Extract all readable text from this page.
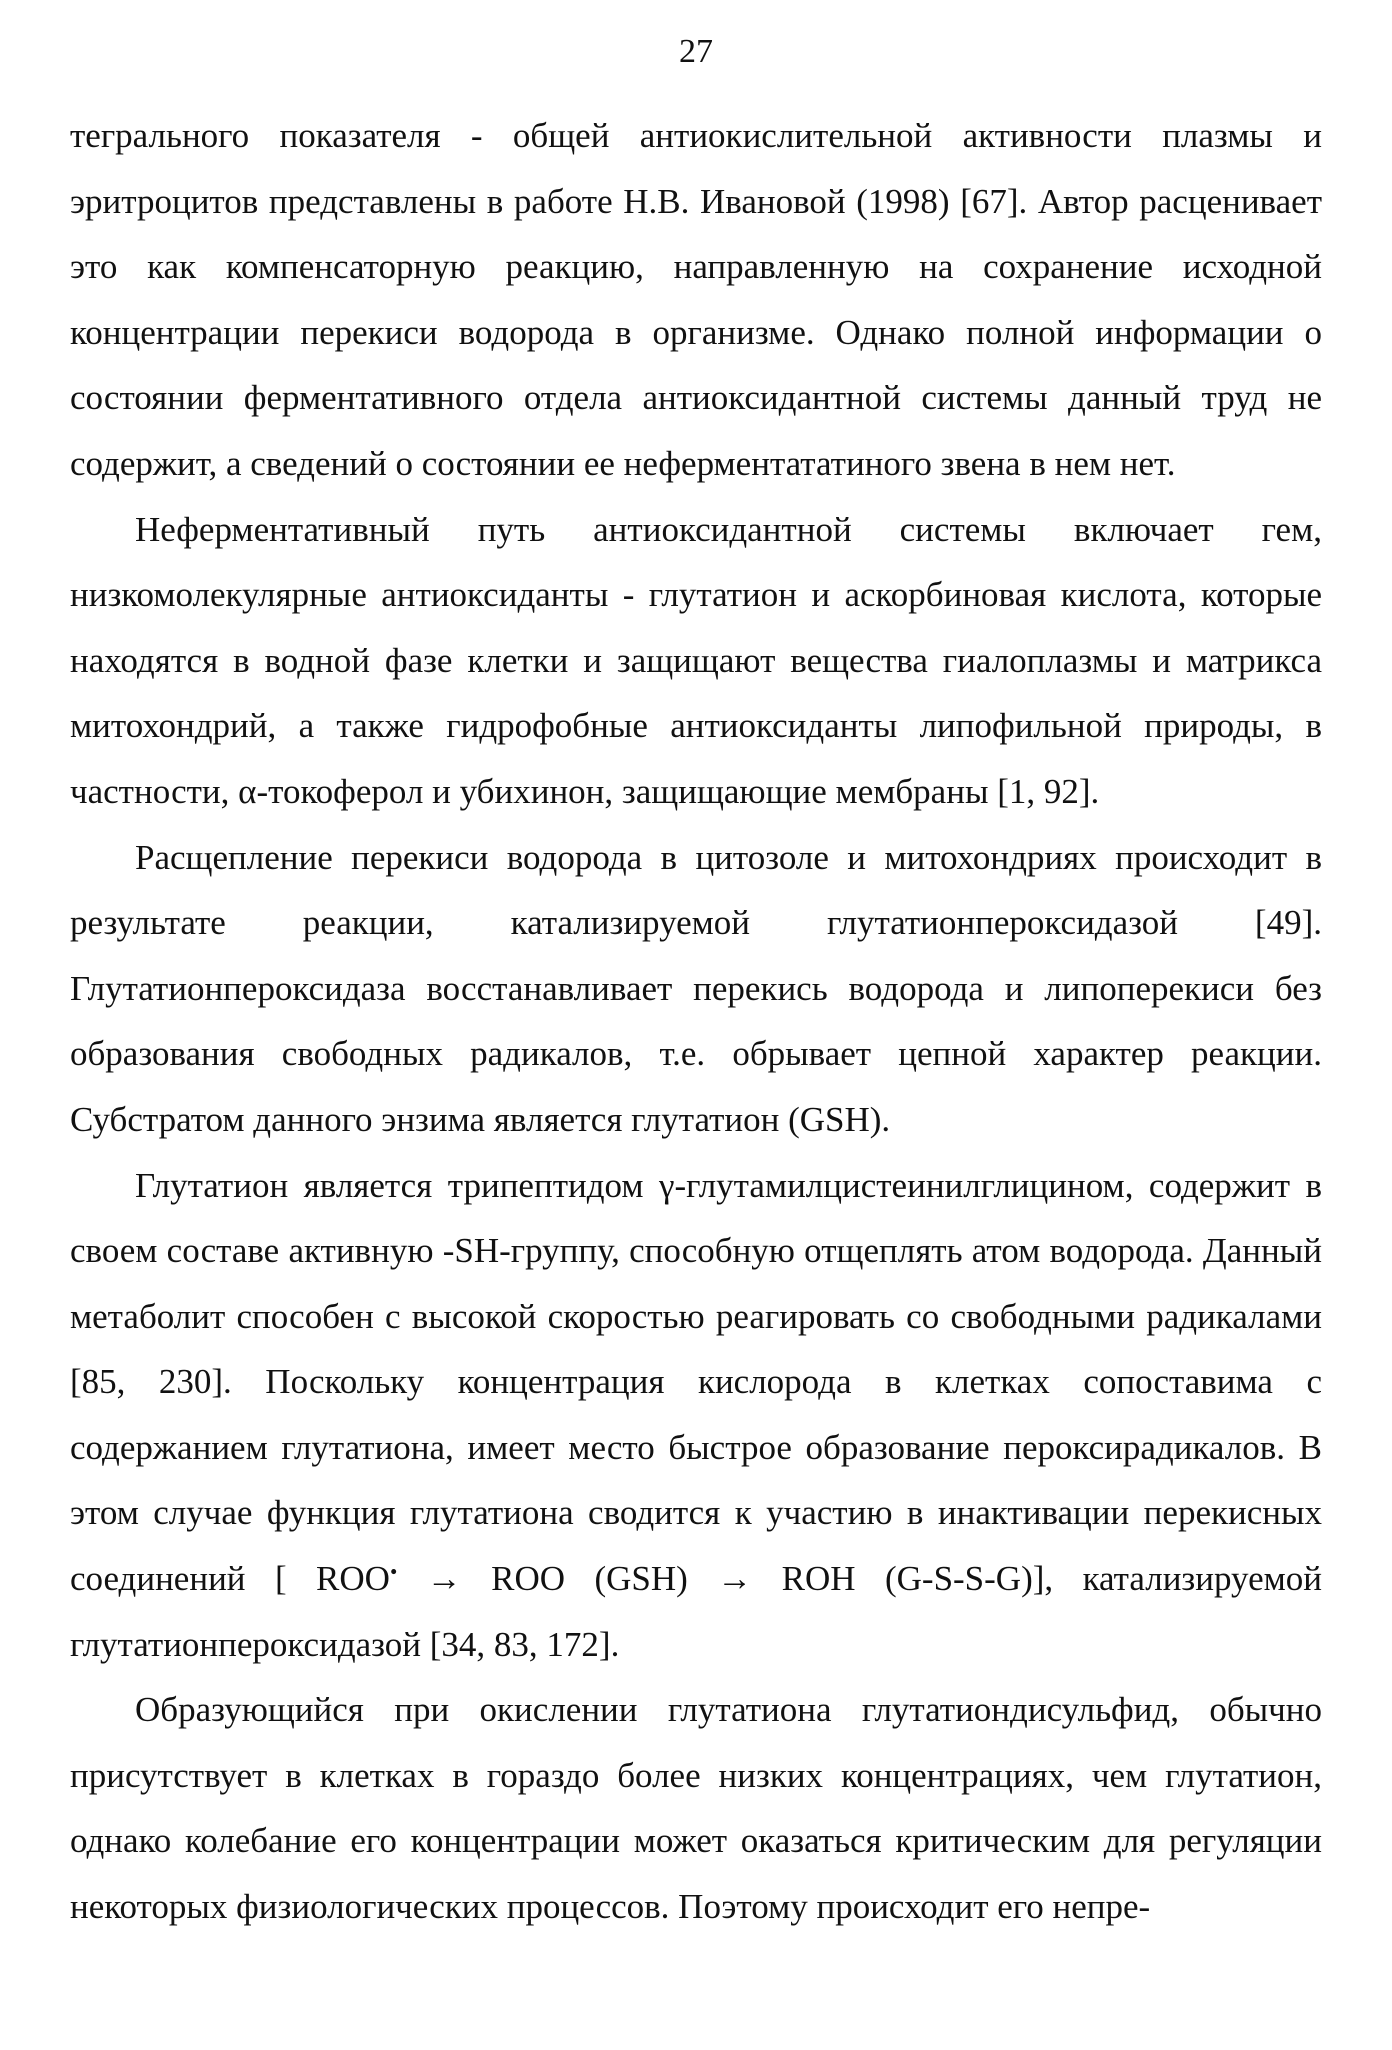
27

тегрального показателя - общей антиокислительной активности плазмы и эритроцитов представлены в работе Н.В. Ивановой (1998) [67]. Автор расценивает это как компенсаторную реакцию, направленную на сохранение исходной концентрации перекиси водорода в организме. Однако полной информации о состоянии ферментативного отдела антиоксидантной системы данный труд не содержит, а сведений о состоянии ее неферментататиного звена в нем нет.

Неферментативный путь антиоксидантной системы включает гем, низкомолекулярные антиоксиданты - глутатион и аскорбиновая кислота, которые находятся в водной фазе клетки и защищают вещества гиалоплазмы и матрикса митохондрий, а также гидрофобные антиоксиданты липофильной природы, в частности, α-токоферол и убихинон, защищающие мембраны [1, 92].

Расщепление перекиси водорода в цитозоле и митохондриях происходит в результате реакции, катализируемой глутатионпероксидазой [49]. Глутатионпероксидаза восстанавливает перекись водорода и липоперекиси без образования свободных радикалов, т.е. обрывает цепной характер реакции. Субстратом данного энзима является глутатион (GSH).

Глутатион является трипептидом γ-глутамилцистеинилглицином, содержит в своем составе активную -SH-группу, способную отщеплять атом водорода. Данный метаболит способен с высокой скоростью реагировать со свободными радикалами [85, 230]. Поскольку концентрация кислорода в клетках сопоставима с содержанием глутатиона, имеет место быстрое образование пероксирадикалов. В этом случае функция глутатиона сводится к участию в инактивации перекисных соединений [ ROO• → ROO (GSH) → ROH (G-S-S-G)], катализируемой глутатионпероксидазой [34, 83, 172].

Образующийся при окислении глутатиона глутатиондисульфид, обычно присутствует в клетках в гораздо более низких концентрациях, чем глутатион, однако колебание его концентрации может оказаться критическим для регуляции некоторых физиологических процессов. Поэтому происходит его непре-
